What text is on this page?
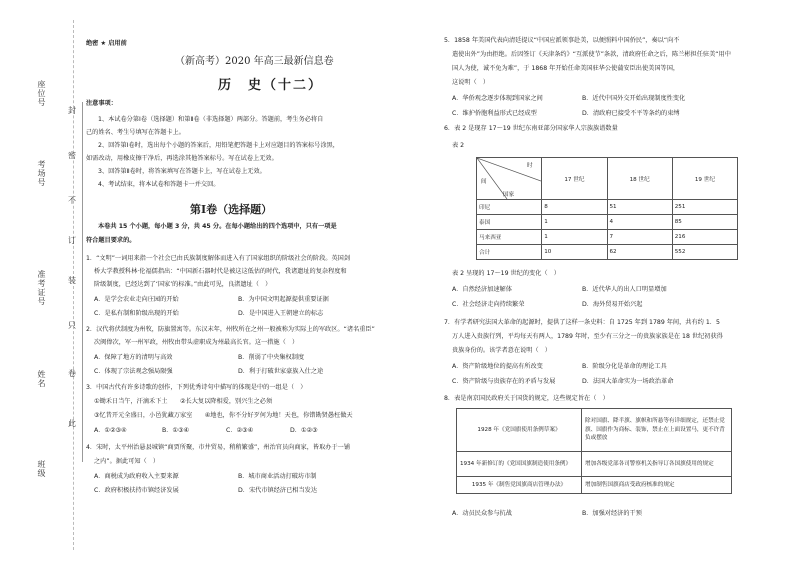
班级
姓名
准考证号
考场号
座位号
此
卷
只
装
订
不
密
封
绝密 ★ 启用前
（新高考）2020 年高三最新信息卷
历　史（十二）
注意事项：
1、本试卷分第Ⅰ卷（选择题）和第Ⅱ卷（非选择题）两部分。答题前，考生务必将自
己的姓名、考生号填写在答题卡上。
2、回答第Ⅰ卷时，选出每个小题的答案后，用铅笔把答题卡上对应题目的答案标号涂黑，
如需改动，用橡皮擦干净后，再选涂其他答案标号。写在试卷上无效。
3、回答第Ⅱ卷时，将答案填写在答题卡上，写在试卷上无效。
4、考试结束，将本试卷和答题卡一并交回。
第Ⅰ卷（选择题）
本卷共 15 个小题，每小题 3 分，共 45 分。在每小题给出的四个选项中，只有一项是
符合题目要求的。
1．“文明”一词用来指一个社会已由氏族制度解体而进入有了国家组织的阶级社会的阶段。英国剑
桥大学教授科林·伦福儒指出：“中国新石器时代是被这这低估的时代，我诸遗址的复杂程度和
阶级制度，已经达到了‘国家’的标准。”由此可见，良渚遗址（　）
A．是学会农业走向庄园的开始	B．为中国文明起源提供重要证据
C．是私有制和阶级出现的开始	D．是中国进入王朝建立的标志
2．汉代将伏制度为州牧，防旗置寓等。东汉末年，州牧所在之州一般被称为实际上的军政区。“诸名重臣”
次阀俸次，军一州军政，州牧由带头虚职成为州最高长官。这一措施（　）
A．保障了地方的清明与高效	B．削弱了中央集权制度
C．体现了宗法观念强局限强	D．利于打破世家豪族入仕之途
3．中国古代有许多诗歌的创作，下列优秀诗句中描写的体现是中的一组是（　）
①锄禾日当午，汗滴禾下土　　②长大复以降相爱，别兴生之必须
③忆昔开元全盛日，小邑犹藏万家室　　④地也，你不分好歹何为地！天也，你错勘贤愚枉做天
A．①②③④	B．①③④	C．②③④	D．①②③
4．宋时，太平州治悬县城镇“商贾所聚，市井贸易，稍稍繁盛”，州治官员向商家，皆取办于一铺
之内”。据此可知（　）
A．商税成为政府收入主要来源	B．城市商业活动打破坊市制
C．政府积极扶持市镇经济发展	D．宋代市镇经济已相当发达
5．1858 年美国代表向清廷提议“中国应派领事赴美，以便照料中国侨民”，奏以“向不
遣使出外”为由拒绝。后因签订《天津条约》“互派使节”条款，清政府任命之后，陈兰彬担任驻美“用中
国人为使，诚不免为难”，于 1868 年开始任命美国驻华公使蒲安臣出使美国等国，
这说明（　）
A．华侨观念逐步体现到国家之间	B．近代中国外交开始出现制度性变化
C．维护侨胞利益形式已经成型	D．清政府已接受不平等条约的束缚
6．表 2 是现存 17～19 世纪东南亚部分国家华人宗族族谱数量
表 2
时
间
国家	17 世纪	18 世纪	19 世纪
印尼	8	51	251
泰国	1	4	85
马来西亚	1	7	216
合计	10	62	552
表 2 呈现的 17～19 世纪的变化（　）
A．自然经济加速解体	B．近代华人的出人口明显增加
C．社会经济走向持续繁荣	D．海外贸易开始兴起
7．有学者研究法国大革命的起源时，提供了这样一条史料：自 1725 年到 1789 年间，共有约 1．5
万人进入贵族行列，平均每天有两人，1789 年时，至少有三分之一的贵族家族是在 18 世纪初获得
贵族身份的。该学者意在说明（　）
A．资产阶级地位的提高有所改变	B．阶级分化是革命的理论工具
C．资产阶级与贵族存在的矛盾与发展	D．法国大革命实为一场政治革命
8．表是南京国民政府关于国货的规定，这些规定旨在（　）
1928 年《党国旗使用条例草案》	除对国旗、降半旗、旗帜和所悬等有详细规定，还禁止党旗、国旗作为商标、装饰，禁止在上面设置马，更不许背负或摆放
1934 年新修订的《党国国旗制造使用条例》	增加各级党部各司警察机关指导订各国旗使用的规定
1935 年《制售党国旗商店管理办法》	增加制售国旗商店受政府核准的规定
A．动员民众参与抗战	B．加强对经济的干预
